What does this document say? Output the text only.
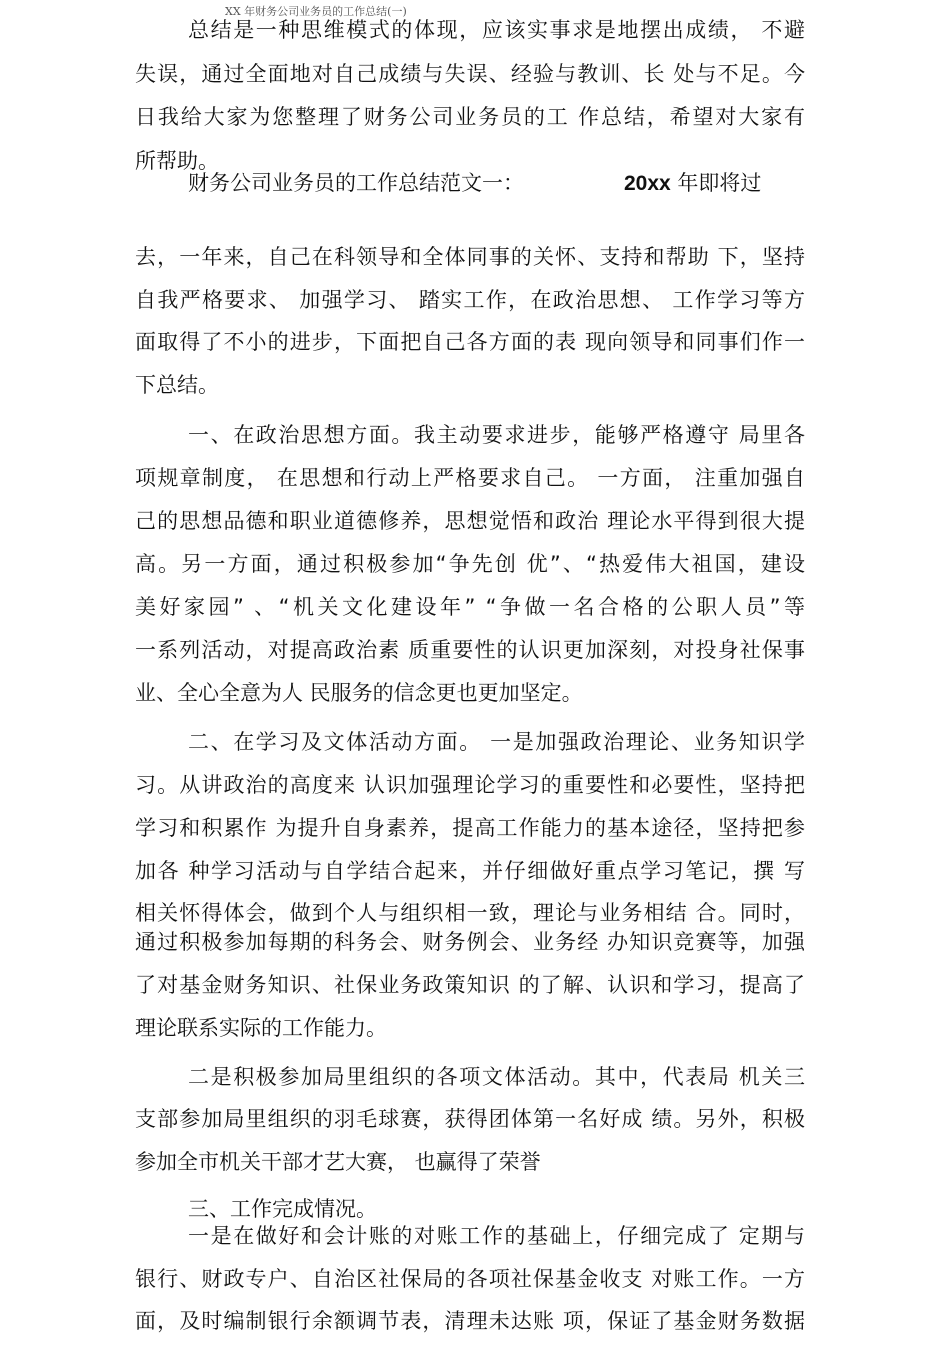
XX 年财务公司业务员的工作总结(一)
总结是一种思维模式的体现，应该实事求是地摆出成绩， 不避
失误，通过全面地对自己成绩与失误、经验与教训、长 处与不足。今
日我给大家为您整理了财务公司业务员的工 作总结，希望对大家有
所帮助。
财务公司业务员的工作总结范文一：	20xx 年即将过
去，一年来，自己在科领导和全体同事的关怀、支持和帮助 下，坚持
自我严格要求、 加强学习、 踏实工作，在政治思想、 工作学习等方
面取得了不小的进步，下面把自己各方面的表 现向领导和同事们作一
下总结。
一、在政治思想方面。我主动要求进步，能够严格遵守 局里各
项规章制度， 在思想和行动上严格要求自己。 一方面， 注重加强自
己的思想品德和职业道德修养，思想觉悟和政治 理论水平得到很大提
高。另一方面，通过积极参加“争先创 优”、“热爱伟大祖国，建设
美好家园” 、“机关文化建设年” “争做一名合格的公职人员”等
一系列活动，对提高政治素 质重要性的认识更加深刻，对投身社保事
业、全心全意为人 民服务的信念更也更加坚定。
二、在学习及文体活动方面。 一是加强政治理论、业务知识学
习。从讲政治的高度来 认识加强理论学习的重要性和必要性，坚持把
学习和积累作 为提升自身素养，提高工作能力的基本途径，坚持把参
加各 种学习活动与自学结合起来，并仔细做好重点学习笔记，撰 写
相关怀得体会，做到个人与组织相一致，理论与业务相结 合。同时，
通过积极参加每期的科务会、财务例会、业务经 办知识竞赛等，加强
了对基金财务知识、社保业务政策知识 的了解、认识和学习，提高了
理论联系实际的工作能力。
二是积极参加局里组织的各项文体活动。其中，代表局 机关三
支部参加局里组织的羽毛球赛，获得团体第一名好成 绩。另外，积极
参加全市机关干部才艺大赛， 也赢得了荣誉
三、工作完成情况。
一是在做好和会计账的对账工作的基础上，仔细完成了 定期与
银行、财政专户、自治区社保局的各项社保基金收支 对账工作。一方
面，及时编制银行余额调节表，清理未达账 项，保证了基金财务数据
